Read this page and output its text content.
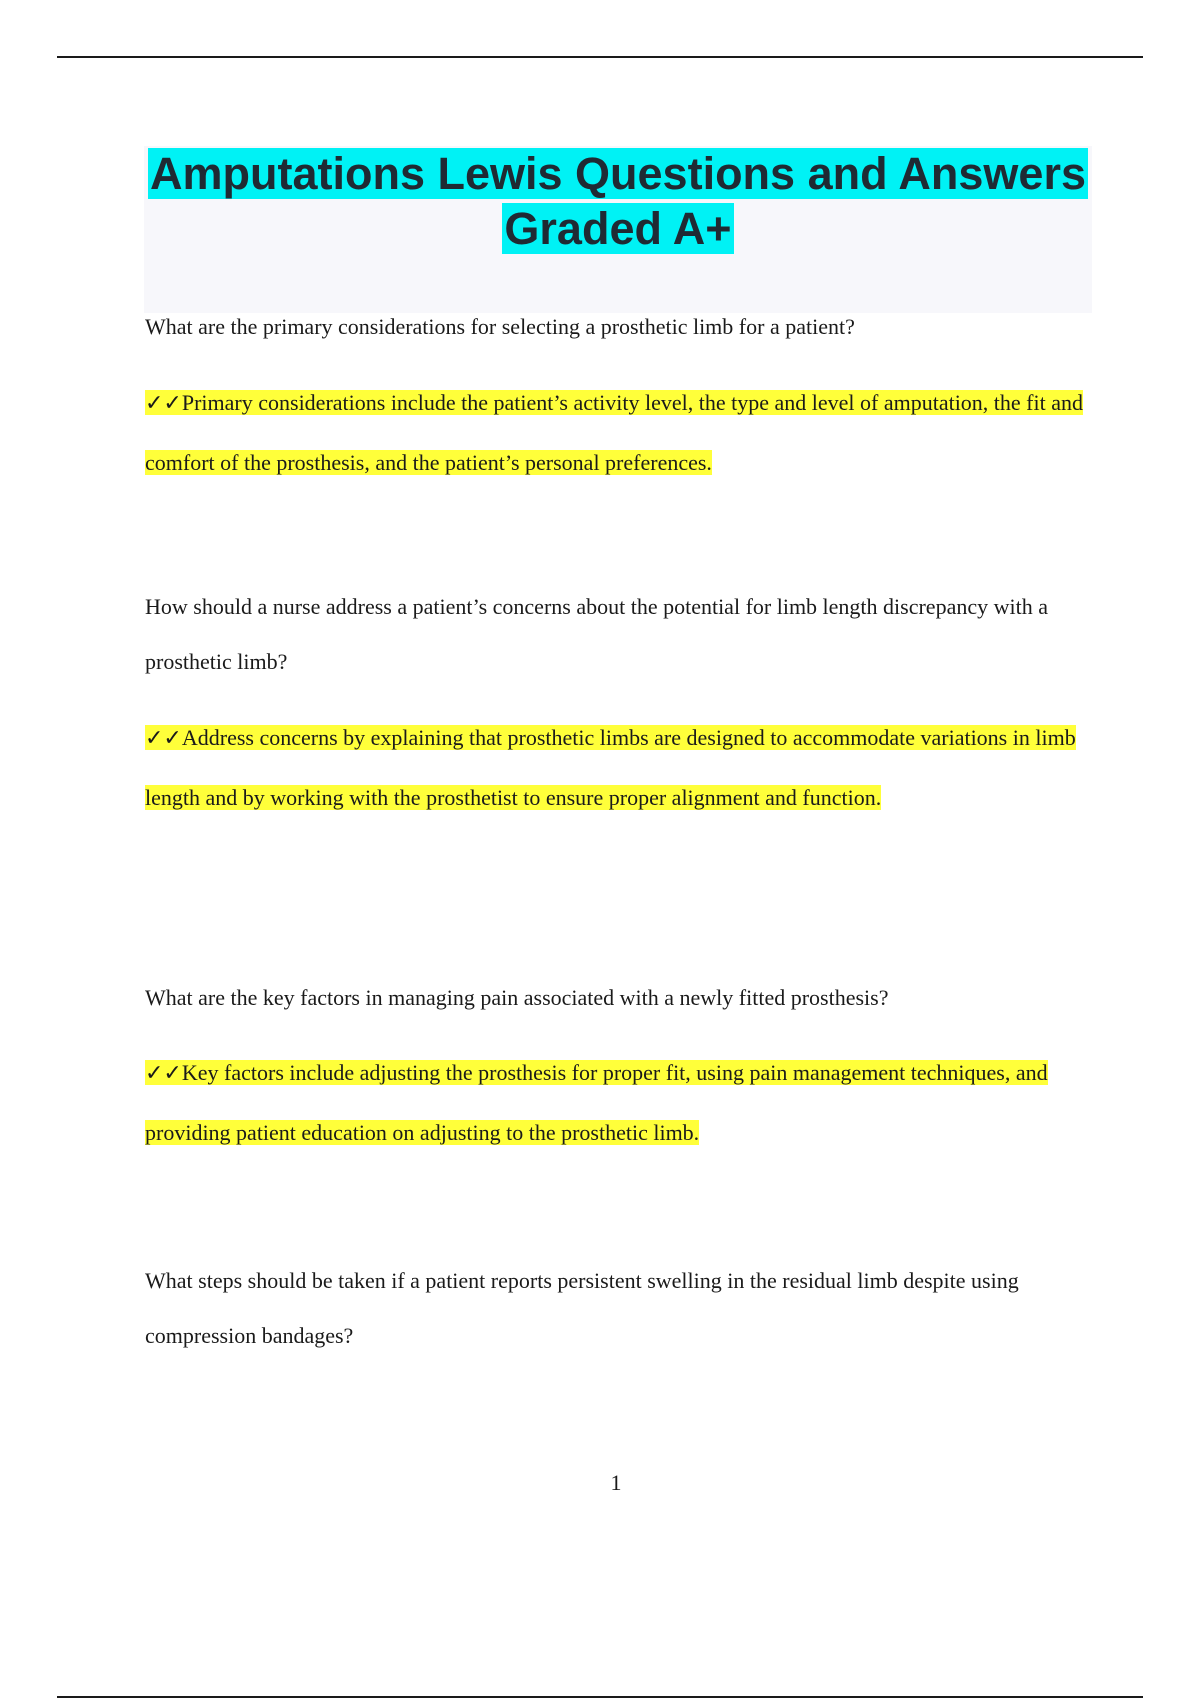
Amputations Lewis Questions and Answers Graded A+

What are the primary considerations for selecting a prosthetic limb for a patient?

✓✓Primary considerations include the patient’s activity level, the type and level of amputation, the fit and comfort of the prosthesis, and the patient’s personal preferences.

How should a nurse address a patient’s concerns about the potential for limb length discrepancy with a prosthetic limb?

✓✓Address concerns by explaining that prosthetic limbs are designed to accommodate variations in limb length and by working with the prosthetist to ensure proper alignment and function.

What are the key factors in managing pain associated with a newly fitted prosthesis?

✓✓Key factors include adjusting the prosthesis for proper fit, using pain management techniques, and providing patient education on adjusting to the prosthetic limb.

What steps should be taken if a patient reports persistent swelling in the residual limb despite using compression bandages?

1
